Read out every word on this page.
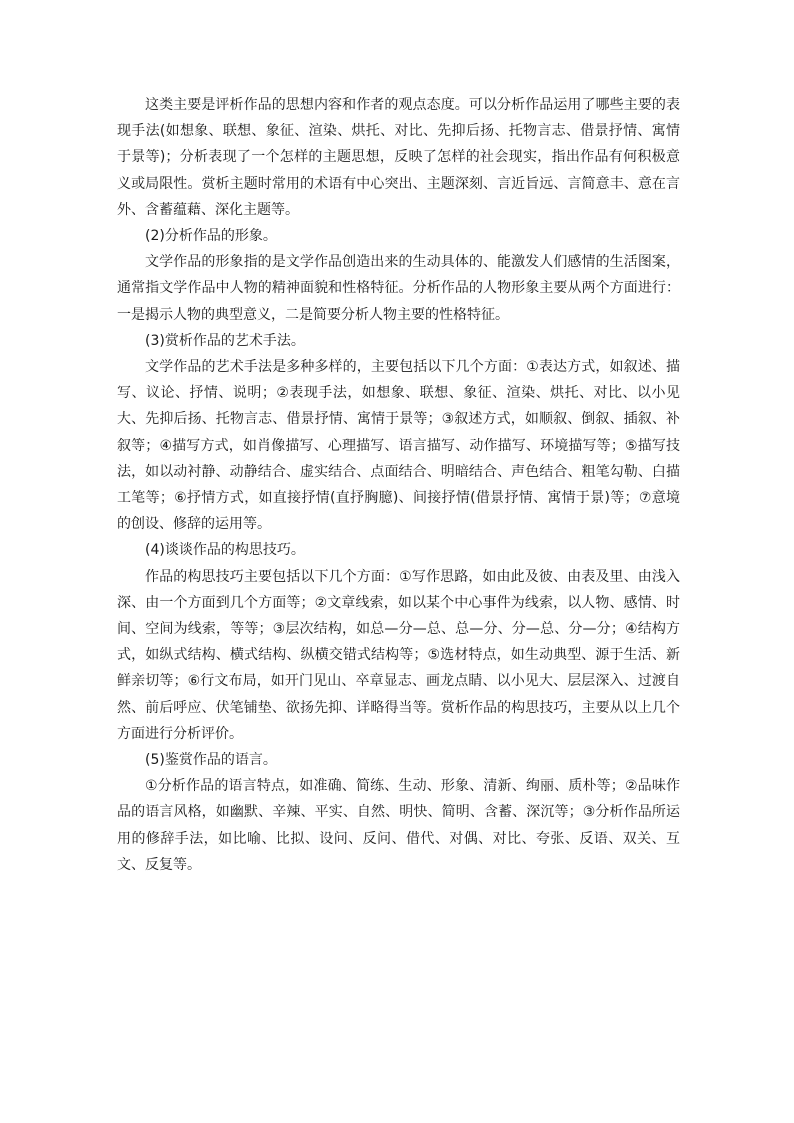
这类主要是评析作品的思想内容和作者的观点态度。可以分析作品运用了哪些主要的表现手法(如想象、联想、象征、渲染、烘托、对比、先抑后扬、托物言志、借景抒情、寓情于景等)；分析表现了一个怎样的主题思想，反映了怎样的社会现实，指出作品有何积极意义或局限性。赏析主题时常用的术语有中心突出、主题深刻、言近旨远、言简意丰、意在言外、含蓄蕴藉、深化主题等。

(2)分析作品的形象。

文学作品的形象指的是文学作品创造出来的生动具体的、能激发人们感情的生活图案，通常指文学作品中人物的精神面貌和性格特征。分析作品的人物形象主要从两个方面进行：一是揭示人物的典型意义，二是简要分析人物主要的性格特征。

(3)赏析作品的艺术手法。

文学作品的艺术手法是多种多样的，主要包括以下几个方面：①表达方式，如叙述、描写、议论、抒情、说明；②表现手法，如想象、联想、象征、渲染、烘托、对比、以小见大、先抑后扬、托物言志、借景抒情、寓情于景等；③叙述方式，如顺叙、倒叙、插叙、补叙等；④描写方式，如肖像描写、心理描写、语言描写、动作描写、环境描写等；⑤描写技法，如以动衬静、动静结合、虚实结合、点面结合、明暗结合、声色结合、粗笔勾勒、白描工笔等；⑥抒情方式，如直接抒情(直抒胸臆)、间接抒情(借景抒情、寓情于景)等；⑦意境的创设、修辞的运用等。

(4)谈谈作品的构思技巧。

作品的构思技巧主要包括以下几个方面：①写作思路，如由此及彼、由表及里、由浅入深、由一个方面到几个方面等；②文章线索，如以某个中心事件为线索，以人物、感情、时间、空间为线索，等等；③层次结构，如总—分—总、总—分、分—总、分—分；④结构方式，如纵式结构、横式结构、纵横交错式结构等；⑤选材特点，如生动典型、源于生活、新鲜亲切等；⑥行文布局，如开门见山、卒章显志、画龙点睛、以小见大、层层深入、过渡自然、前后呼应、伏笔铺垫、欲扬先抑、详略得当等。赏析作品的构思技巧，主要从以上几个方面进行分析评价。

(5)鉴赏作品的语言。

①分析作品的语言特点，如准确、简练、生动、形象、清新、绚丽、质朴等；②品味作品的语言风格，如幽默、辛辣、平实、自然、明快、简明、含蓄、深沉等；③分析作品所运用的修辞手法，如比喻、比拟、设问、反问、借代、对偶、对比、夸张、反语、双关、互文、反复等。
